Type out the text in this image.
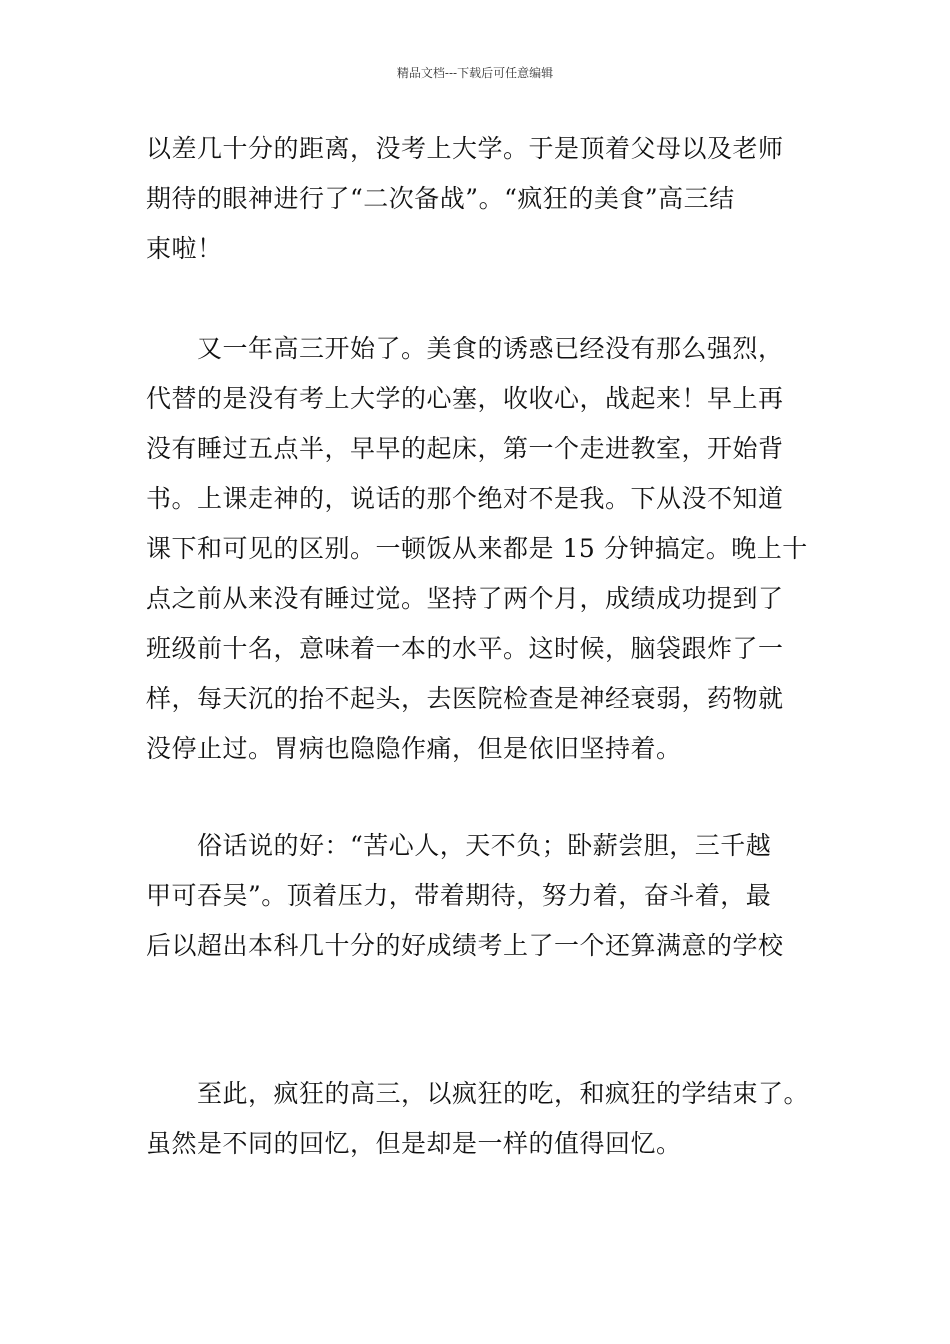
精品文档---下载后可任意编辑
以差几十分的距离，没考上大学。于是顶着父母以及老师
期待的眼神进行了“二次备战”。“疯狂的美食”高三结
束啦！
　　又一年高三开始了。美食的诱惑已经没有那么强烈，
代替的是没有考上大学的心塞，收收心，战起来！早上再
没有睡过五点半，早早的起床，第一个走进教室，开始背
书。上课走神的，说话的那个绝对不是我。下从没不知道
课下和可见的区别。一顿饭从来都是 15 分钟搞定。晚上十
点之前从来没有睡过觉。坚持了两个月，成绩成功提到了
班级前十名，意味着一本的水平。这时候，脑袋跟炸了一
样，每天沉的抬不起头，去医院检查是神经衰弱，药物就
没停止过。胃病也隐隐作痛，但是依旧坚持着。
　　俗话说的好：“苦心人，天不负；卧薪尝胆，三千越
甲可吞吴”。顶着压力，带着期待，努力着，奋斗着，最
后以超出本科几十分的好成绩考上了一个还算满意的学校
　　至此，疯狂的高三，以疯狂的吃，和疯狂的学结束了。
虽然是不同的回忆，但是却是一样的值得回忆。
